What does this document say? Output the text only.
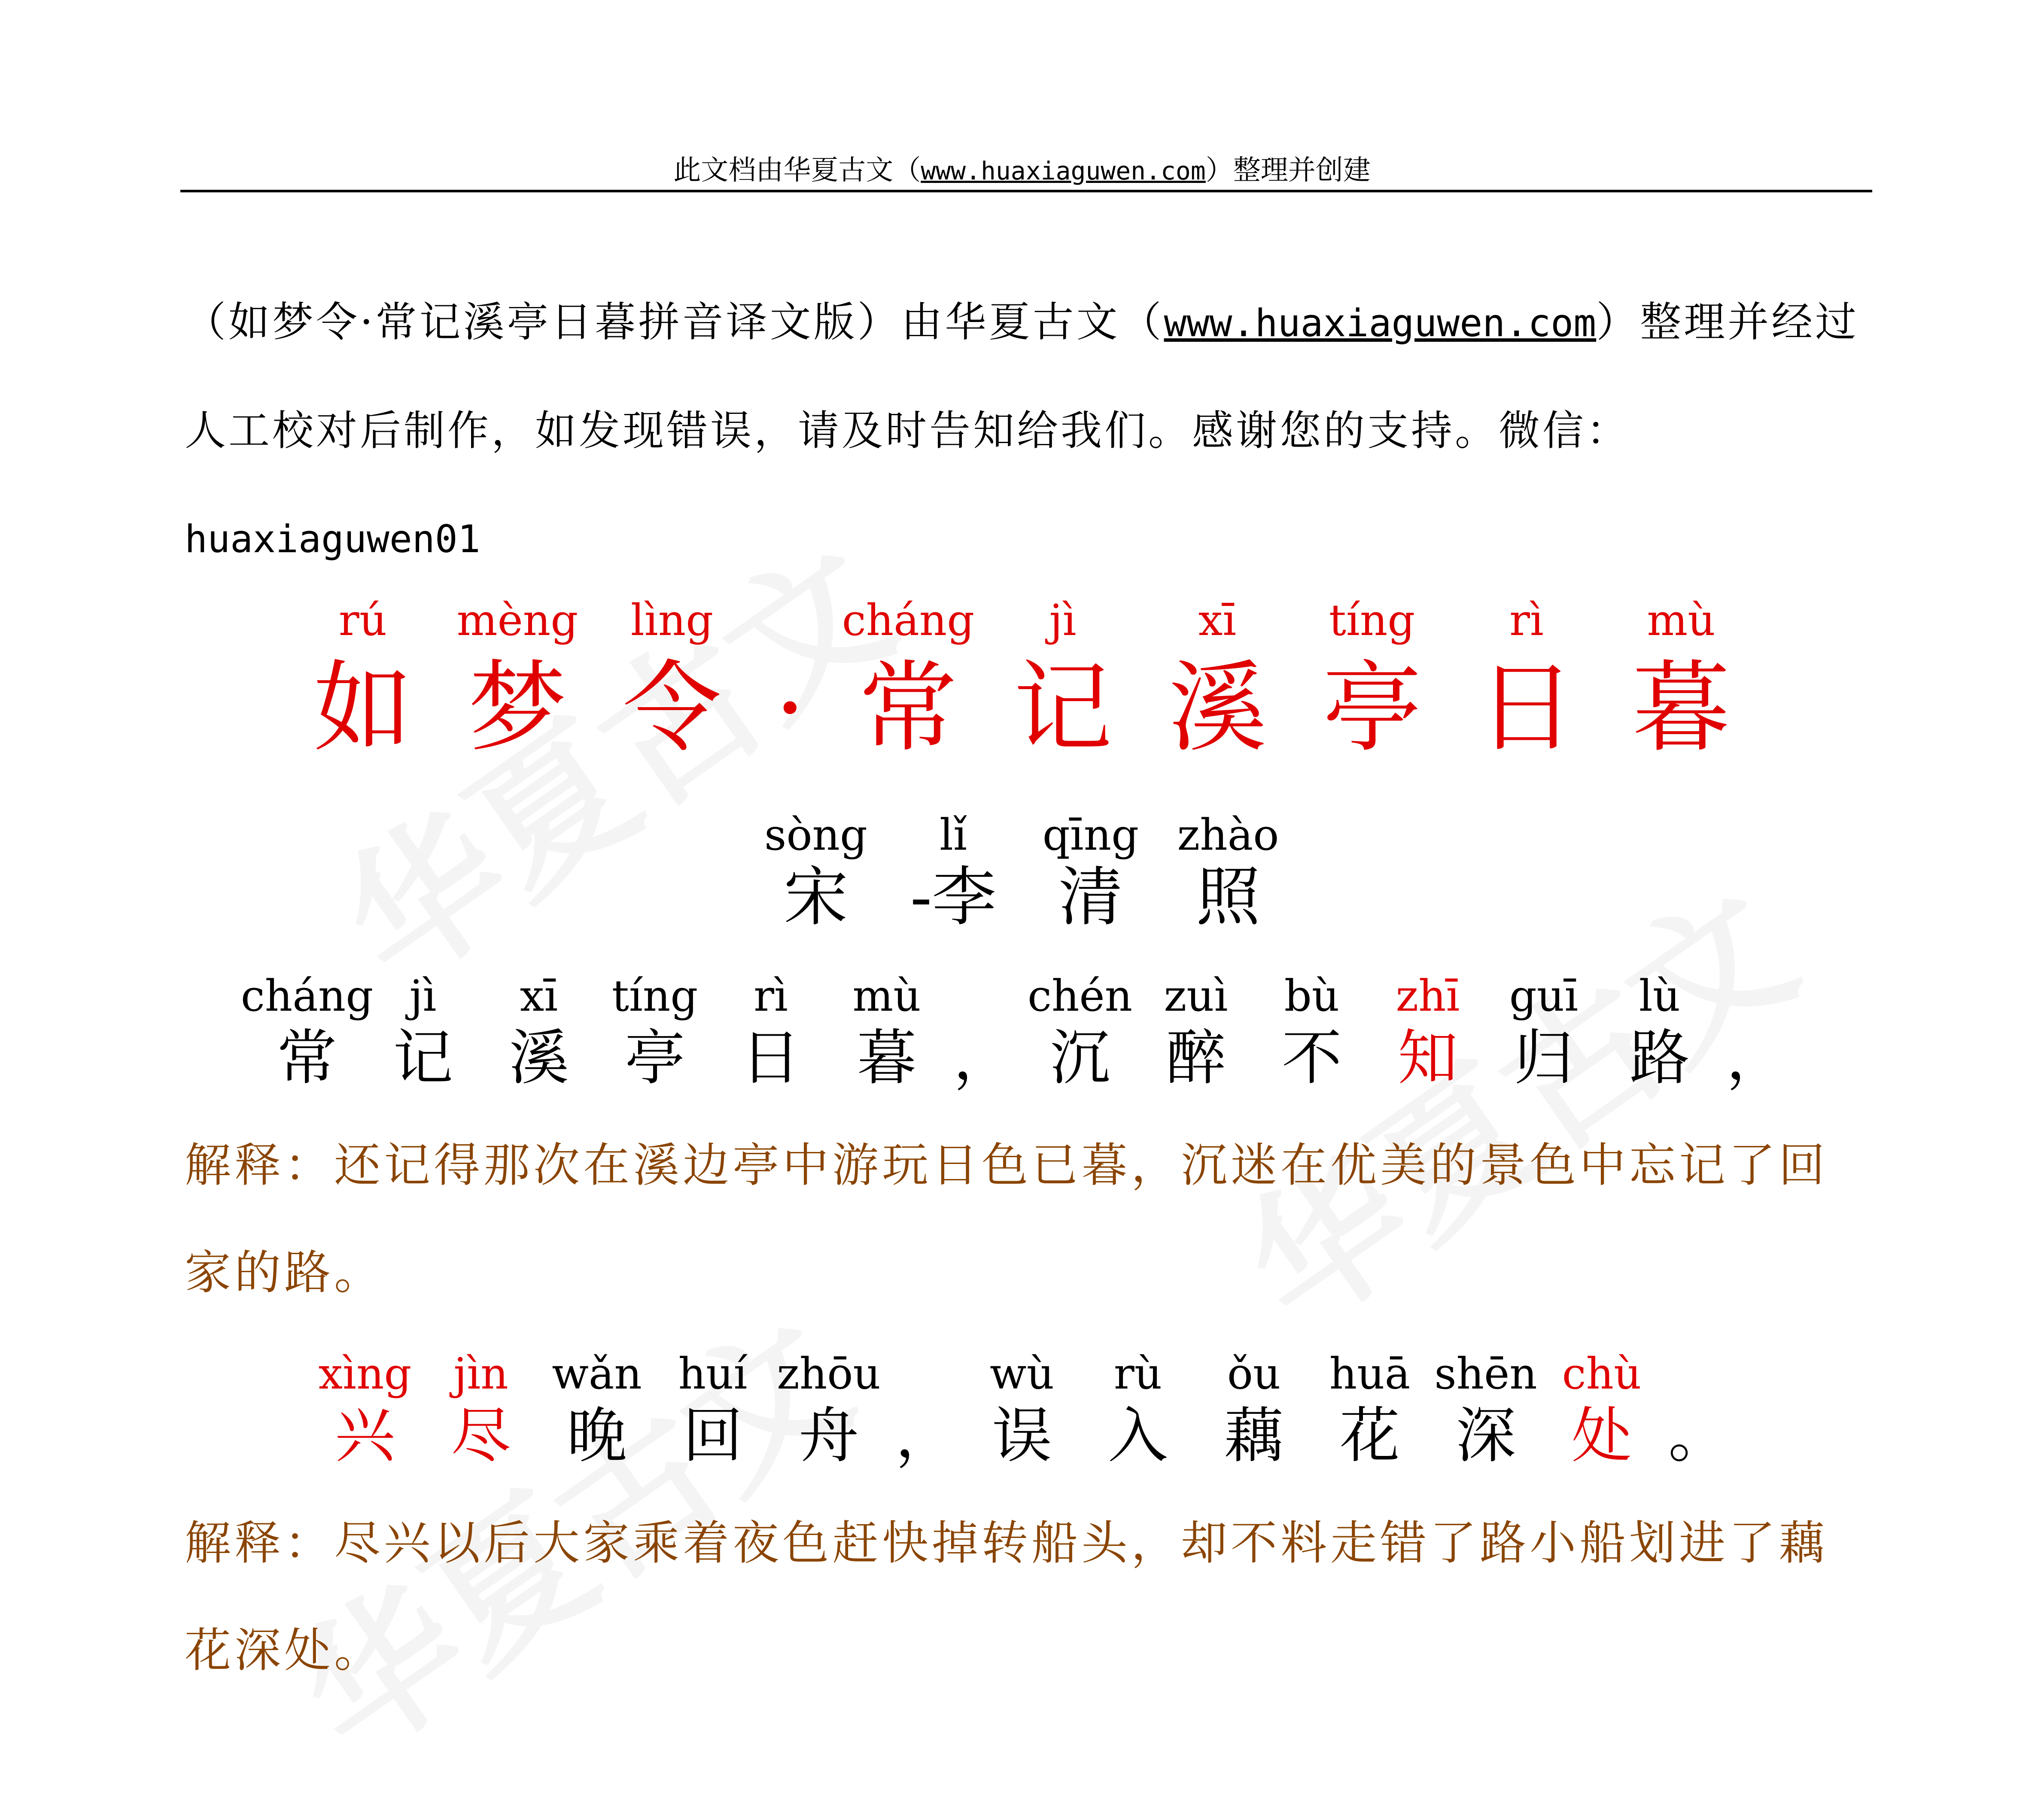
此文档由华夏古文（www.huaxiaguwen.com）整理并创建
（如梦令·常记溪亭日暮拼音译文版）由华夏古文（www.huaxiaguwen.com）整理并经过人工校对后制作，如发现错误，请及时告知给我们。感谢您的支持。微信：huaxiaguwen01
rú
如
mèng
梦
lìng
令
·
cháng
常
jì
记
xī
溪
tíng
亭
rì
日
mù
暮
sòng
宋
lǐ
-李
qīng
清
zhào
照
cháng
常
jì
记
xī
溪
tíng
亭
rì
日
mù
暮
，
chén
沉
zuì
醉
bù
不
zhī
知
guī
归
lù
路
，
解释：还记得那次在溪边亭中游玩日色已暮，沉迷在优美的景色中忘记了回家的路。
xìng
兴
jìn
尽
wǎn
晚
huí
回
zhōu
舟
，
wù
误
rù
入
ǒu
藕
huā
花
shēn
深
chù
处
。
解释：尽兴以后大家乘着夜色赶快掉转船头，却不料走错了路小船划进了藕花深处。
